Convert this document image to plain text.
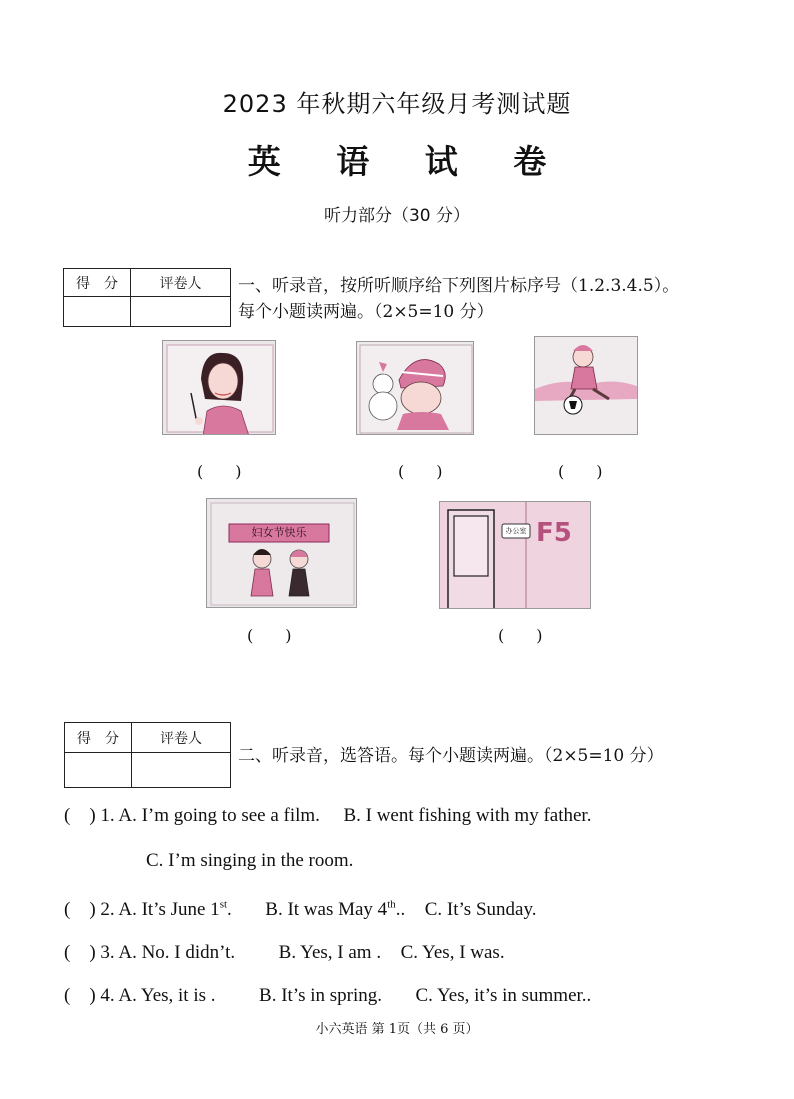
2023 年秋期六年级月考测试题
英 语 试 卷
听力部分（30 分）
得　分	评卷人
	一、听录音，按所听顺序给下列图片标序号（1.2.3.4.5）。
每个小题读两遍。（2×5=10 分）
(　　)	(　　)	(　　)
妇女节快乐
(　　)
办公室 F5
(　　)
得　分	评卷人

二、听录音，选答语。每个小题读两遍。（2×5=10 分）
(　) 1. A. I’m going to see a film. B. I went fishing with my father.
C. I’m singing in the room.
(　) 2. A. It’s June 1st. B. It was May 4th.. C. It’s Sunday.
(　) 3. A. No. I didn’t. B. Yes, I am . C. Yes, I was.
(　) 4. A. Yes, it is . B. It’s in spring. C. Yes, it’s in summer..
小六英语 第 1页（共 6 页）
